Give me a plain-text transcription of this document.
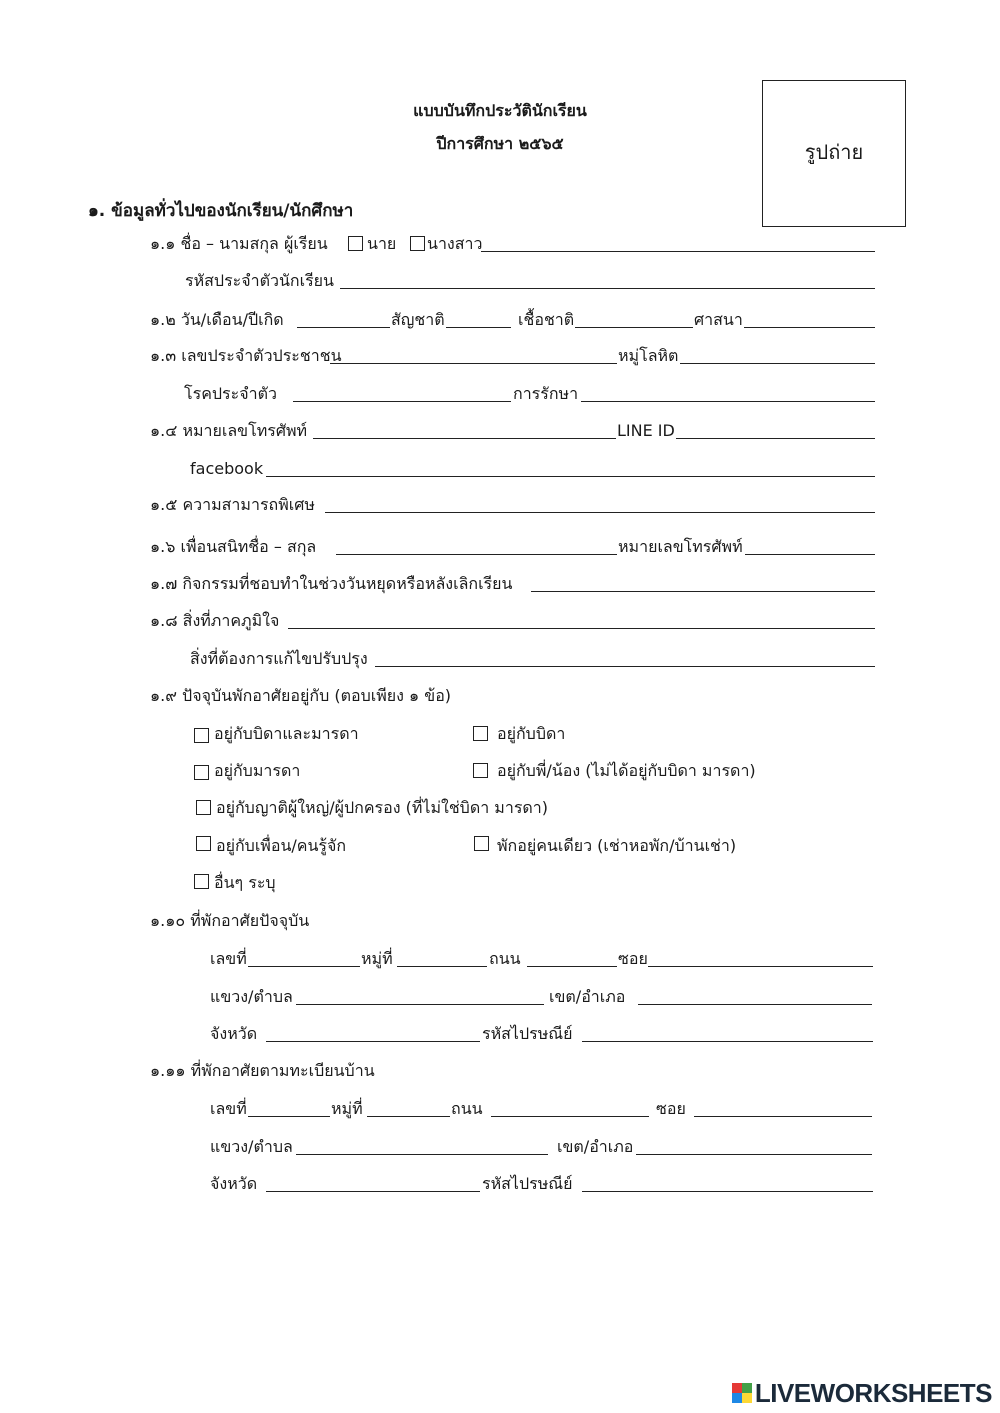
แบบบันทึกประวัตินักเรียน
ปีการศึกษา ๒๕๖๕	รูปถ่าย
๑. ข้อมูลทั่วไปของนักเรียน/นักศึกษา
๑.๑ ชื่อ – นามสกุล ผู้เรียน นาย นางสาว
รหัสประจำตัวนักเรียน
๑.๒ วัน/เดือน/ปีเกิด	สัญชาติ	เชื้อชาติ	ศาสนา
๑.๓ เลขประจำตัวประชาชน	หมู่โลหิต
โรคประจำตัว	การรักษา
๑.๔ หมายเลขโทรศัพท์	LINE ID
facebook
๑.๕ ความสามารถพิเศษ
๑.๖ เพื่อนสนิทชื่อ – สกุล	หมายเลขโทรศัพท์
๑.๗ กิจกรรมที่ชอบทำในช่วงวันหยุดหรือหลังเลิกเรียน
๑.๘ สิ่งที่ภาคภูมิใจ
สิ่งที่ต้องการแก้ไขปรับปรุง
๑.๙ ปัจจุบันพักอาศัยอยู่กับ (ตอบเพียง ๑ ข้อ)
อยู่กับบิดาและมารดา	อยู่กับบิดา
อยู่กับมารดา	อยู่กับพี่/น้อง (ไม่ได้อยู่กับบิดา มารดา)
อยู่กับญาติผู้ใหญ่/ผู้ปกครอง (ที่ไม่ใช่บิดา มารดา)
อยู่กับเพื่อน/คนรู้จัก	พักอยู่คนเดียว (เช่าหอพัก/บ้านเช่า)
อื่นๆ ระบุ
๑.๑๐ ที่พักอาศัยปัจจุบัน
เลขที่	หมู่ที่	ถนน	ซอย
แขวง/ตำบล	เขต/อำเภอ
จังหวัด	รหัสไปรษณีย์
๑.๑๑ ที่พักอาศัยตามทะเบียนบ้าน
เลขที่	หมู่ที่	ถนน	ซอย
แขวง/ตำบล	เขต/อำเภอ
จังหวัด	รหัสไปรษณีย์
LIVEWORKSHEETS
